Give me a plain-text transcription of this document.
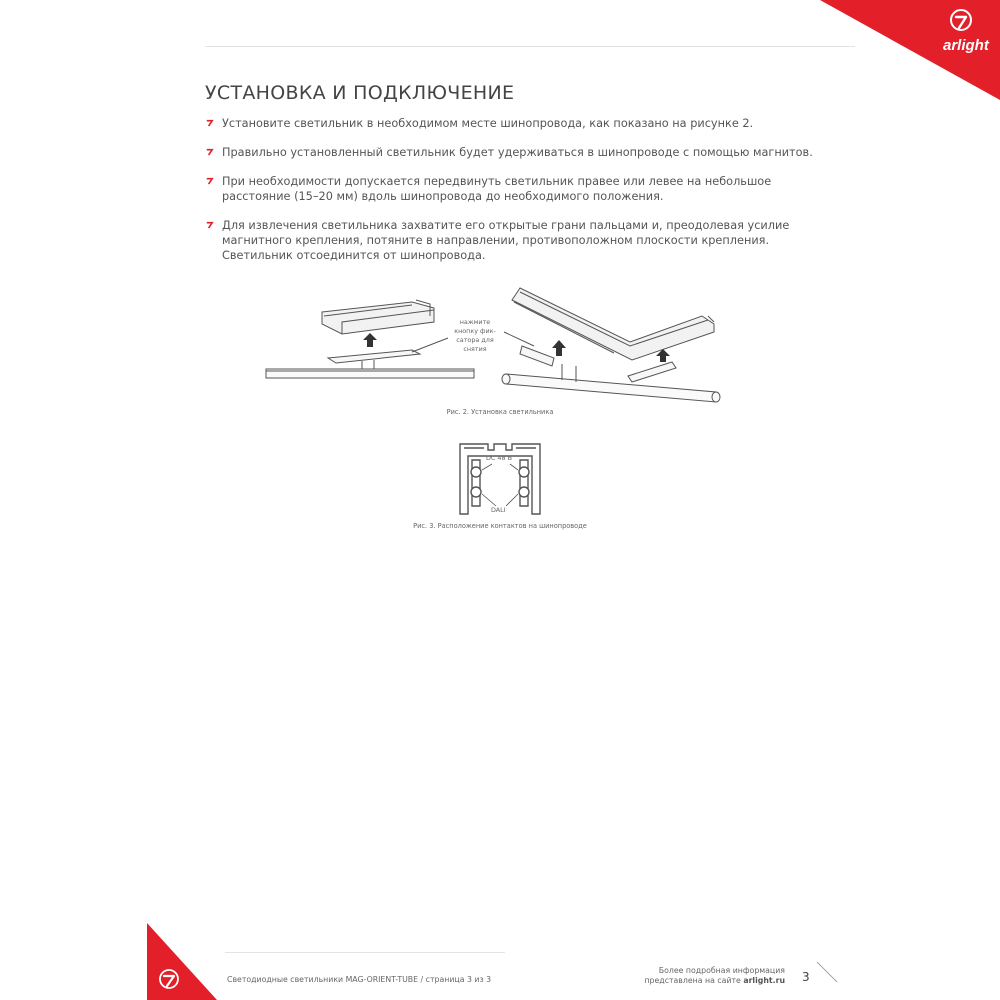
arlight
УСТАНОВКА И ПОДКЛЮЧЕНИЕ
Установите светильник в необходимом месте шинопровода, как показано на рисунке 2.
Правильно установленный светильник будет удерживаться в шинопроводе с помощью магнитов.
При необходимости допускается передвинуть светильник правее или левее на небольшое расстояние (15–20 мм) вдоль шинопровода до необходимого положения.
Для извлечения светильника захватите его открытые грани пальцами и, преодолевая усилие магнитного крепления, потяните в направлении, противоположном плоскости крепления. Светильник отсоединится от шинопровода.
нажмите кнопку фик-сатора для снятия
Рис. 2. Установка светильника
DC 48 В
DALI
Рис. 3. Расположение контактов на шинопроводе
Светодиодные светильники MAG-ORIENT-TUBE / страница 3 из 3
Более подробная информация
представлена на сайте arlight.ru 3
